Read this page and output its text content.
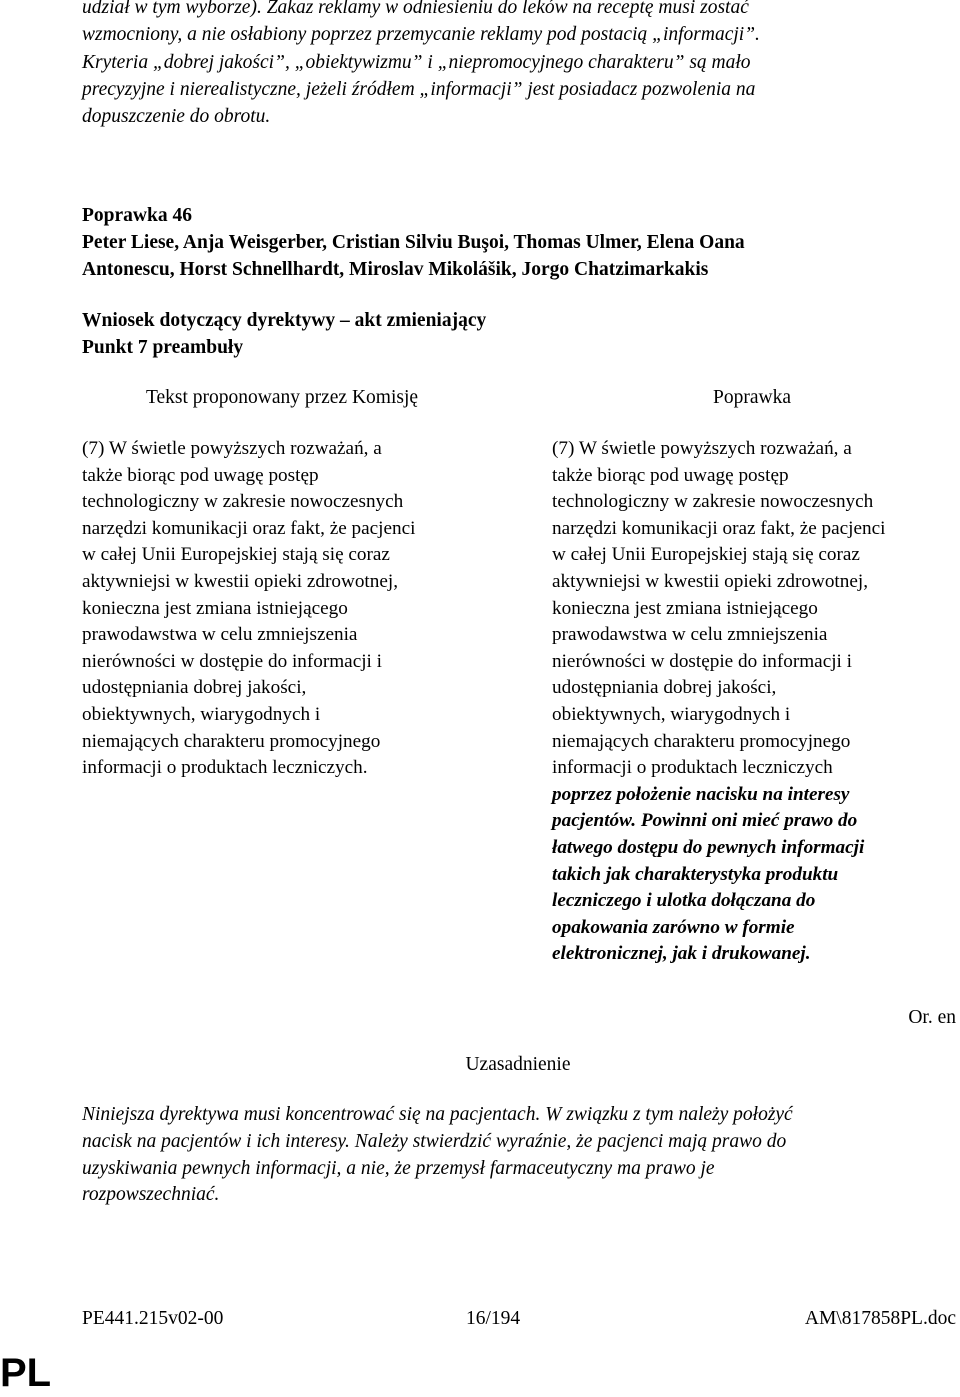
udział w tym wyborze). Zakaz reklamy w odniesieniu do leków na receptę musi zostać
wzmocniony, a nie osłabiony poprzez przemycanie reklamy pod postacią „informacji”.
Kryteria „dobrej jakości”, „obiektywizmu” i „niepromocyjnego charakteru” są mało
precyzyjne i nierealistyczne, jeżeli źródłem „informacji” jest posiadacz pozwolenia na
dopuszczenie do obrotu.
Poprawka 46
Peter Liese, Anja Weisgerber, Cristian Silviu Buşoi, Thomas Ulmer, Elena Oana
Antonescu, Horst Schnellhardt, Miroslav Mikolášik, Jorgo Chatzimarkakis
Wniosek dotyczący dyrektywy – akt zmieniający
Punkt 7 preambuły
Tekst proponowany przez Komisję	Poprawka
(7) W świetle powyższych rozważań, a
także biorąc pod uwagę postęp
technologiczny w zakresie nowoczesnych
narzędzi komunikacji oraz fakt, że pacjenci
w całej Unii Europejskiej stają się coraz
aktywniejsi w kwestii opieki zdrowotnej,
konieczna jest zmiana istniejącego
prawodawstwa w celu zmniejszenia
nierówności w dostępie do informacji i
udostępniania dobrej jakości,
obiektywnych, wiarygodnych i
niemających charakteru promocyjnego
informacji o produktach leczniczych.
(7) W świetle powyższych rozważań, a
także biorąc pod uwagę postęp
technologiczny w zakresie nowoczesnych
narzędzi komunikacji oraz fakt, że pacjenci
w całej Unii Europejskiej stają się coraz
aktywniejsi w kwestii opieki zdrowotnej,
konieczna jest zmiana istniejącego
prawodawstwa w celu zmniejszenia
nierówności w dostępie do informacji i
udostępniania dobrej jakości,
obiektywnych, wiarygodnych i
niemających charakteru promocyjnego
informacji o produktach leczniczych
poprzez położenie nacisku na interesy
pacjentów. Powinni oni mieć prawo do
łatwego dostępu do pewnych informacji
takich jak charakterystyka produktu
leczniczego i ulotka dołączana do
opakowania zarówno w formie
elektronicznej, jak i drukowanej.
Or. en
Uzasadnienie
Niniejsza dyrektywa musi koncentrować się na pacjentach. W związku z tym należy położyć
nacisk na pacjentów i ich interesy. Należy stwierdzić wyraźnie, że pacjenci mają prawo do
uzyskiwania pewnych informacji, a nie, że przemysł farmaceutyczny ma prawo je
rozpowszechniać.
PE441.215v02-00	16/194	AM\817858PL.doc
PL
